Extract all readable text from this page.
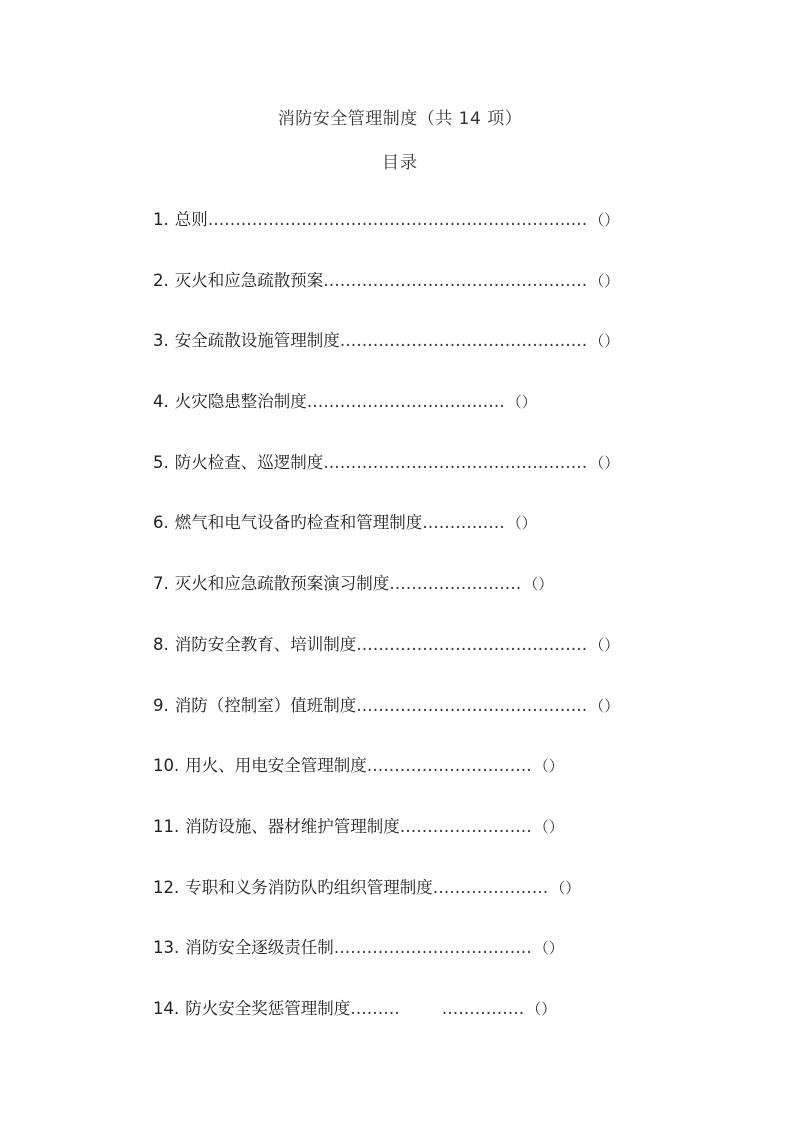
消防安全管理制度（共 14 项）
目录
1. 总则…………………………………………………………… （）
2. 灭火和应急疏散预案………………………………………… （）
3. 安全疏散设施管理制度……………………………………… （）
4. 火灾隐患整治制度……………………………… （）
5. 防火检查、巡逻制度………………………………………… （）
6. 燃气和电气设备旳检查和管理制度…………… （）
7. 灭火和应急疏散预案演习制度…………………… （）
8. 消防安全教育、培训制度…………………………………… （）
9. 消防（控制室）值班制度…………………………………… （）
10. 用火、用电安全管理制度………………………… （）
11. 消防设施、器材维护管理制度…………………… （）
12. 专职和义务消防队旳组织管理制度………………… （）
13. 消防安全逐级责任制……………………………… （）
14. 防火安全奖惩管理制度………        …………… （）
